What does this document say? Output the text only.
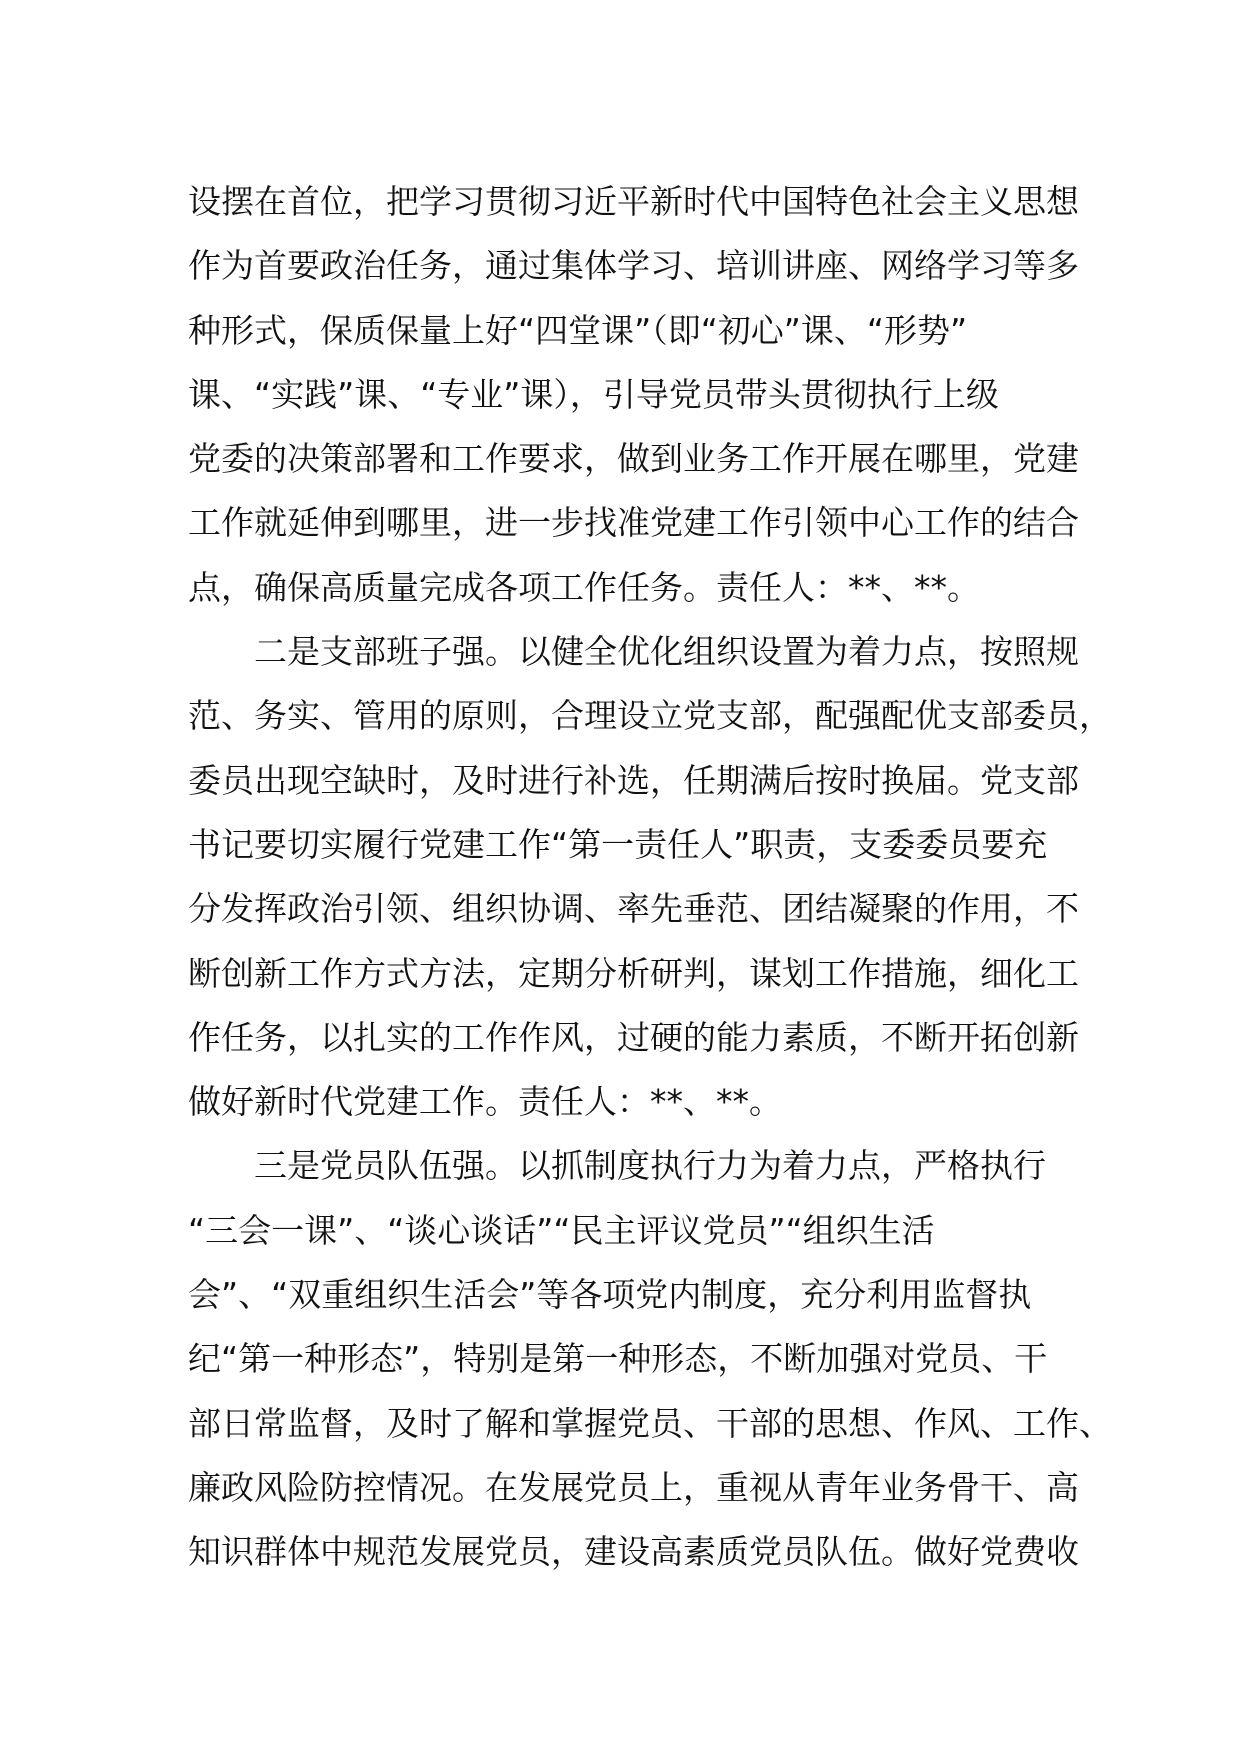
设摆在首位，把学习贯彻习近平新时代中国特色社会主义思想
作为首要政治任务，通过集体学习、培训讲座、网络学习等多
种形式，保质保量上好“四堂课”（即“初心”课、“形势”
课、“实践”课、“专业”课），引导党员带头贯彻执行上级
党委的决策部署和工作要求，做到业务工作开展在哪里，党建
工作就延伸到哪里，进一步找准党建工作引领中心工作的结合
点，确保高质量完成各项工作任务。责任人：**、**。
　　二是支部班子强。以健全优化组织设置为着力点，按照规
范、务实、管用的原则，合理设立党支部，配强配优支部委员，
委员出现空缺时，及时进行补选，任期满后按时换届。党支部
书记要切实履行党建工作“第一责任人”职责，支委委员要充
分发挥政治引领、组织协调、率先垂范、团结凝聚的作用，不
断创新工作方式方法，定期分析研判，谋划工作措施，细化工
作任务，以扎实的工作作风，过硬的能力素质，不断开拓创新
做好新时代党建工作。责任人：**、**。
　　三是党员队伍强。以抓制度执行力为着力点，严格执行
“三会一课”、“谈心谈话”“民主评议党员”“组织生活
会”、“双重组织生活会”等各项党内制度，充分利用监督执
纪“第一种形态”，特别是第一种形态，不断加强对党员、干
部日常监督，及时了解和掌握党员、干部的思想、作风、工作、
廉政风险防控情况。在发展党员上，重视从青年业务骨干、高
知识群体中规范发展党员，建设高素质党员队伍。做好党费收
